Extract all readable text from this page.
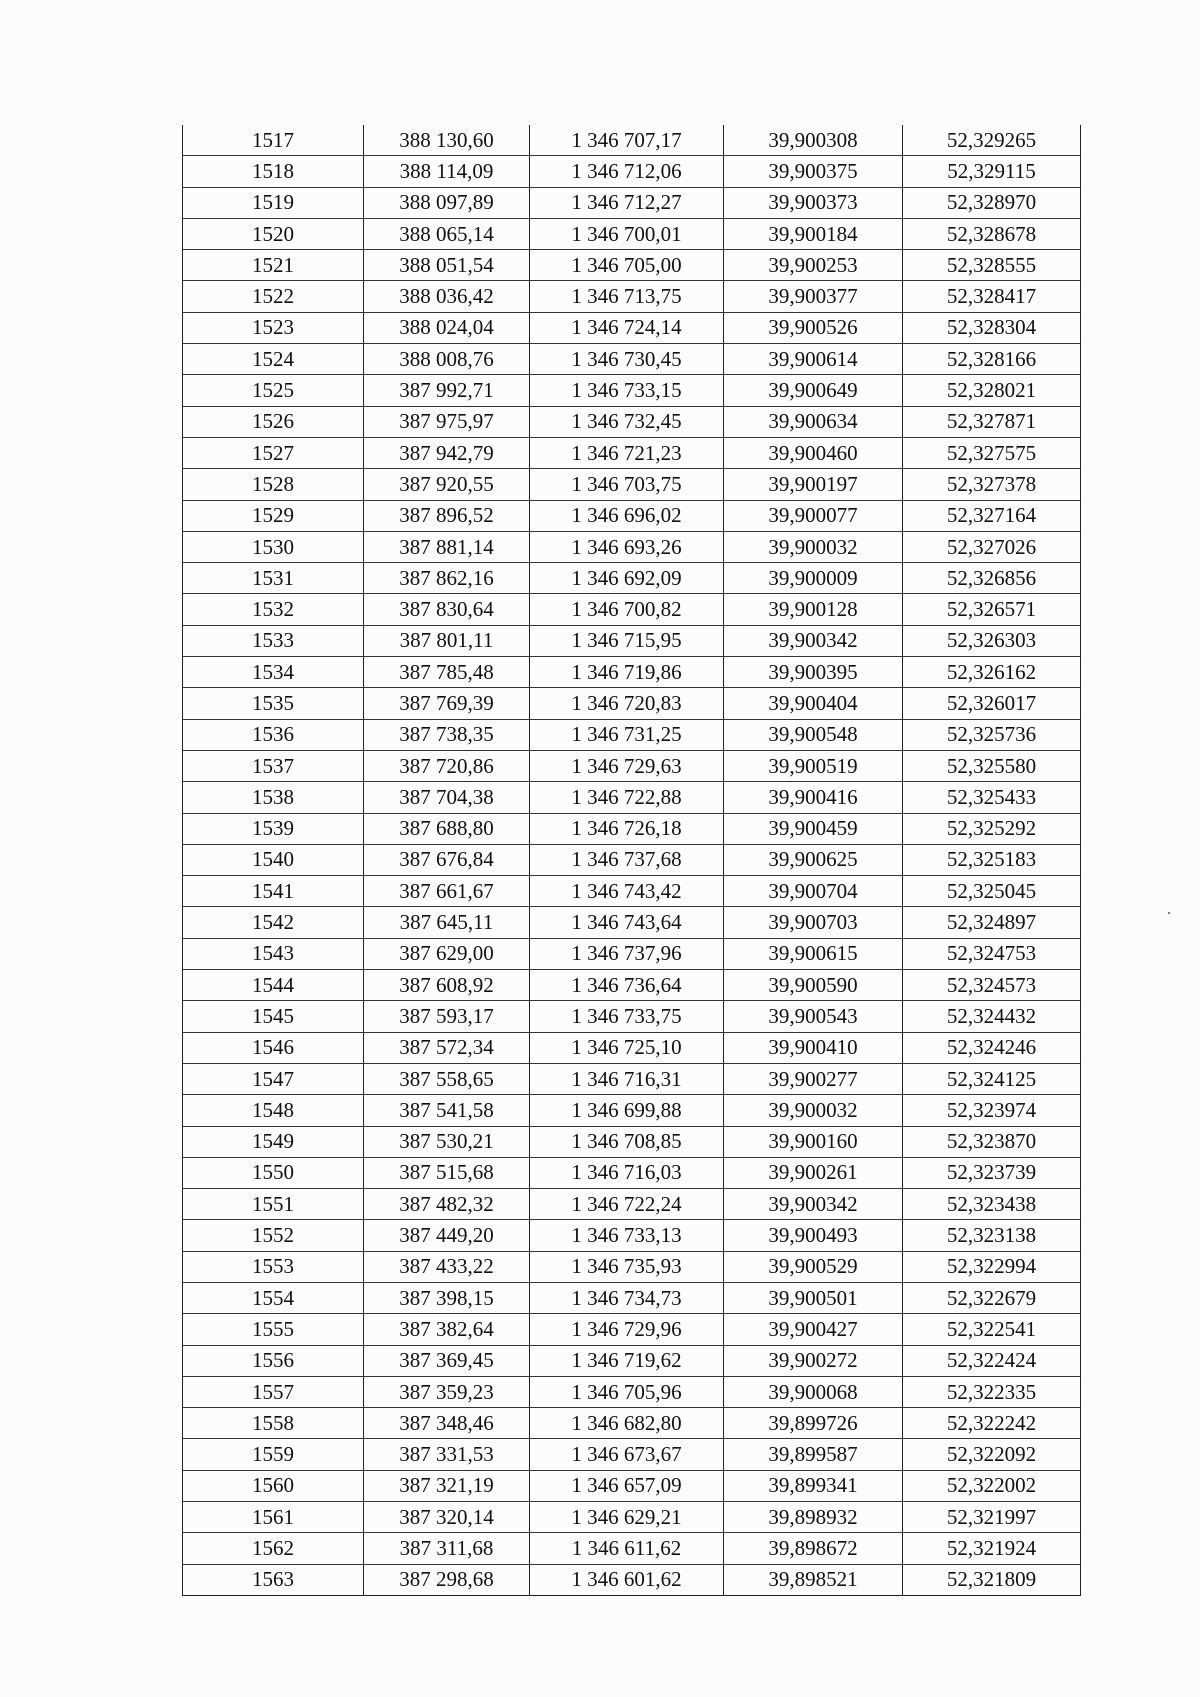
1517	388 130,60	1 346 707,17	39,900308	52,329265
1518	388 114,09	1 346 712,06	39,900375	52,329115
1519	388 097,89	1 346 712,27	39,900373	52,328970
1520	388 065,14	1 346 700,01	39,900184	52,328678
1521	388 051,54	1 346 705,00	39,900253	52,328555
1522	388 036,42	1 346 713,75	39,900377	52,328417
1523	388 024,04	1 346 724,14	39,900526	52,328304
1524	388 008,76	1 346 730,45	39,900614	52,328166
1525	387 992,71	1 346 733,15	39,900649	52,328021
1526	387 975,97	1 346 732,45	39,900634	52,327871
1527	387 942,79	1 346 721,23	39,900460	52,327575
1528	387 920,55	1 346 703,75	39,900197	52,327378
1529	387 896,52	1 346 696,02	39,900077	52,327164
1530	387 881,14	1 346 693,26	39,900032	52,327026
1531	387 862,16	1 346 692,09	39,900009	52,326856
1532	387 830,64	1 346 700,82	39,900128	52,326571
1533	387 801,11	1 346 715,95	39,900342	52,326303
1534	387 785,48	1 346 719,86	39,900395	52,326162
1535	387 769,39	1 346 720,83	39,900404	52,326017
1536	387 738,35	1 346 731,25	39,900548	52,325736
1537	387 720,86	1 346 729,63	39,900519	52,325580
1538	387 704,38	1 346 722,88	39,900416	52,325433
1539	387 688,80	1 346 726,18	39,900459	52,325292
1540	387 676,84	1 346 737,68	39,900625	52,325183
1541	387 661,67	1 346 743,42	39,900704	52,325045
1542	387 645,11	1 346 743,64	39,900703	52,324897
1543	387 629,00	1 346 737,96	39,900615	52,324753
1544	387 608,92	1 346 736,64	39,900590	52,324573
1545	387 593,17	1 346 733,75	39,900543	52,324432
1546	387 572,34	1 346 725,10	39,900410	52,324246
1547	387 558,65	1 346 716,31	39,900277	52,324125
1548	387 541,58	1 346 699,88	39,900032	52,323974
1549	387 530,21	1 346 708,85	39,900160	52,323870
1550	387 515,68	1 346 716,03	39,900261	52,323739
1551	387 482,32	1 346 722,24	39,900342	52,323438
1552	387 449,20	1 346 733,13	39,900493	52,323138
1553	387 433,22	1 346 735,93	39,900529	52,322994
1554	387 398,15	1 346 734,73	39,900501	52,322679
1555	387 382,64	1 346 729,96	39,900427	52,322541
1556	387 369,45	1 346 719,62	39,900272	52,322424
1557	387 359,23	1 346 705,96	39,900068	52,322335
1558	387 348,46	1 346 682,80	39,899726	52,322242
1559	387 331,53	1 346 673,67	39,899587	52,322092
1560	387 321,19	1 346 657,09	39,899341	52,322002
1561	387 320,14	1 346 629,21	39,898932	52,321997
1562	387 311,68	1 346 611,62	39,898672	52,321924
1563	387 298,68	1 346 601,62	39,898521	52,321809
